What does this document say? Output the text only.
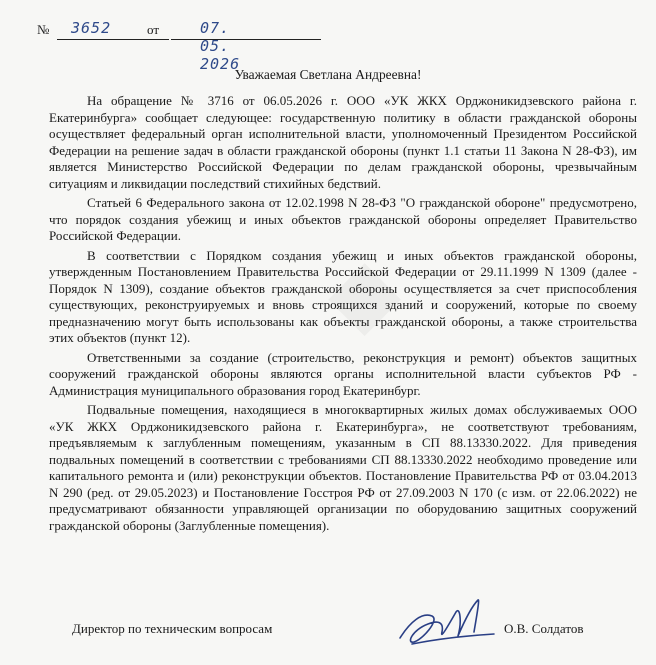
№ 3652	от	07. 05. 2026
Уважаемая Светлана Андреевна!

На обращение № 3716 от 06.05.2026 г. ООО «УК ЖКХ Орджоникидзевского района г. Екатеринбурга» сообщает следующее: государственную политику в области гражданской обороны осуществляет федеральный орган исполнительной власти, уполномоченный Президентом Российской Федерации на решение задач в области гражданской обороны (пункт 1.1 статьи 11 Закона N 28-ФЗ), им является Министерство Российской Федерации по делам гражданской обороны, чрезвычайным ситуациям и ликвидации последствий стихийных бедствий.

Статьей 6 Федерального закона от 12.02.1998 N 28-ФЗ "О гражданской обороне" предусмотрено, что порядок создания убежищ и иных объектов гражданской обороны определяет Правительство Российской Федерации.

В соответствии с Порядком создания убежищ и иных объектов гражданской обороны, утвержденным Постановлением Правительства Российской Федерации от 29.11.1999 N 1309 (далее - Порядок N 1309), создание объектов гражданской обороны осуществляется за счет приспособления существующих, реконструируемых и вновь строящихся зданий и сооружений, которые по своему предназначению могут быть использованы как объекты гражданской обороны, а также строительства этих объектов (пункт 12).

Ответственными за создание (строительство, реконструкция и ремонт) объектов защитных сооружений гражданской обороны являются органы исполнительной власти субъектов РФ - Администрация муниципального образования город Екатеринбург.

Подвальные помещения, находящиеся в многоквартирных жилых домах обслуживаемых ООО «УК ЖКХ Орджоникидзевского района г. Екатеринбурга», не соответствуют требованиям, предъявляемым к заглубленным помещениям, указанным в СП 88.13330.2022. Для приведения подвальных помещений в соответствии с требованиями СП 88.13330.2022 необходимо проведение или капитального ремонта и (или) реконструкции объектов. Постановление Правительства РФ от 03.04.2013 N 290 (ред. от 29.05.2023) и Постановление Госстроя РФ от 27.09.2003 N 170 (с изм. от 22.06.2022) не предусматривают обязанности управляющей организации по оборудованию защитных сооружений гражданской обороны (Заглубленные помещения).

Директор по техническим вопросам	О.В. Солдатов
